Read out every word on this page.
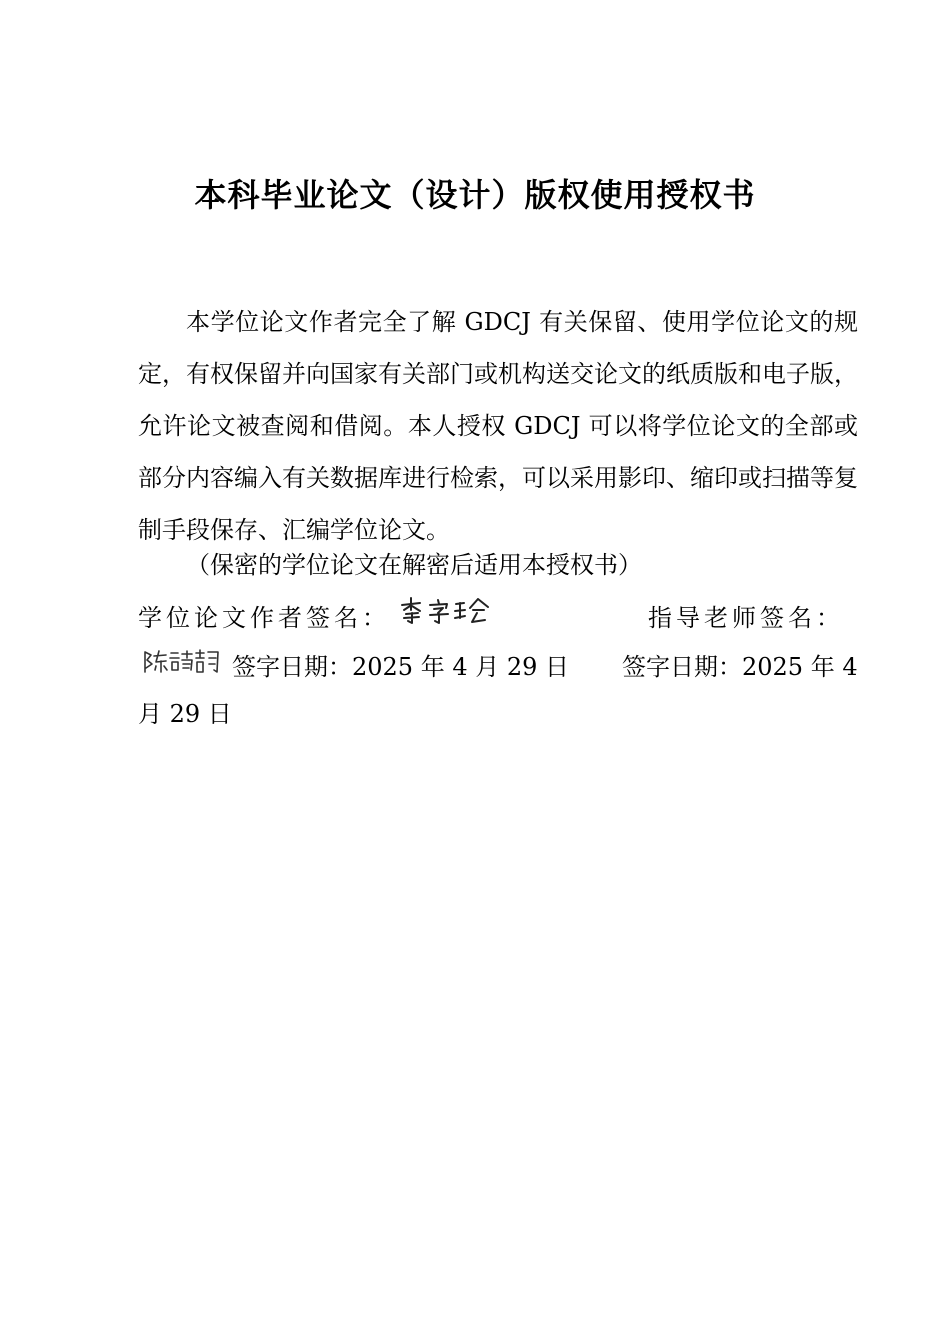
本科毕业论文（设计）版权使用授权书

本学位论文作者完全了解 GDCJ 有关保留、使用学位论文的规定，有权保留并向国家有关部门或机构送交论文的纸质版和电子版，允许论文被查阅和借阅。本人授权 GDCJ 可以将学位论文的全部或部分内容编入有关数据库进行检索，可以采用影印、缩印或扫描等复制手段保存、汇编学位论文。

（保密的学位论文在解密后适用本授权书）
学位论文作者签名：	指导老师签名：
签字日期：2025 年 4 月 29 日 签字日期：2025 年 4
月 29 日
